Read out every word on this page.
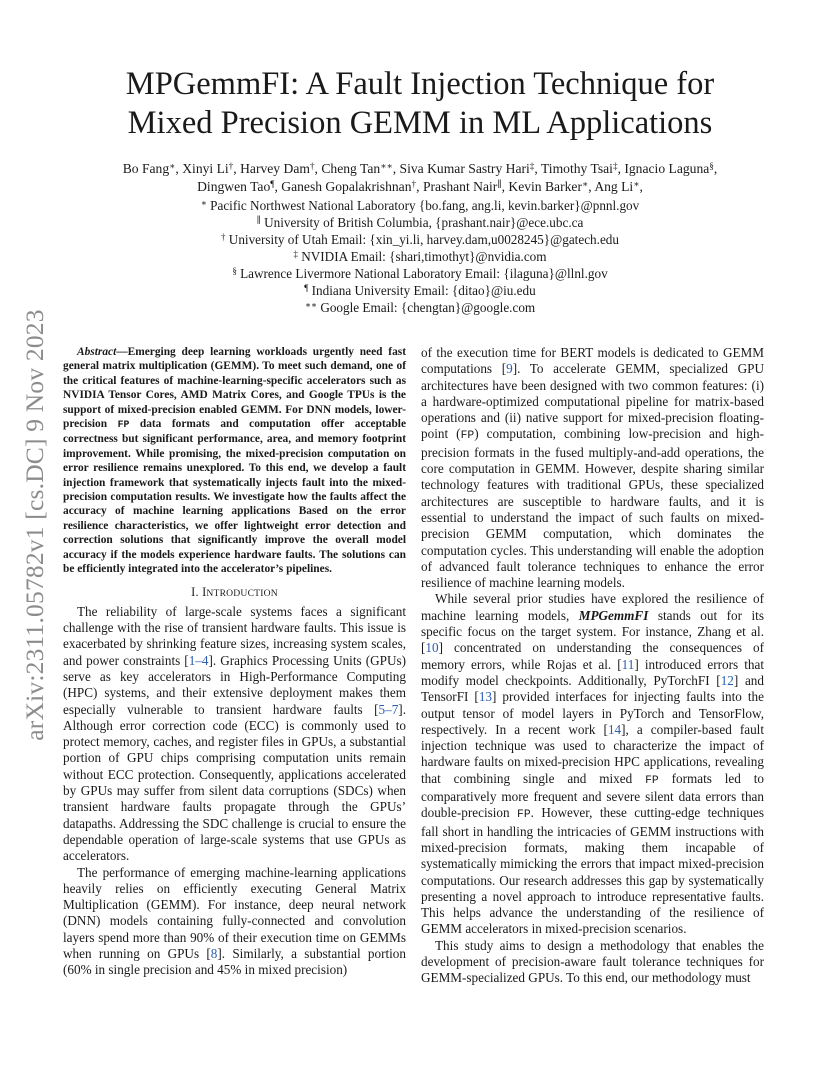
arXiv:2311.05782v1 [cs.DC] 9 Nov 2023
MPGemmFI: A Fault Injection Technique for
Mixed Precision GEMM in ML Applications
Bo Fang∗, Xinyi Li†, Harvey Dam†, Cheng Tan∗∗, Siva Kumar Sastry Hari‡, Timothy Tsai‡, Ignacio Laguna§,
Dingwen Tao¶, Ganesh Gopalakrishnan†, Prashant Nair∥, Kevin Barker∗, Ang Li∗,
∗ Pacific Northwest National Laboratory {bo.fang, ang.li, kevin.barker}@pnnl.gov
∥ University of British Columbia, {prashant.nair}@ece.ubc.ca
† University of Utah Email: {xin_yi.li, harvey.dam,u0028245}@gatech.edu
‡ NVIDIA Email: {shari,timothyt}@nvidia.com
§ Lawrence Livermore National Laboratory Email: {ilaguna}@llnl.gov
¶ Indiana University Email: {ditao}@iu.edu
∗∗ Google Email: {chengtan}@google.com

Abstract—Emerging deep learning workloads urgently need fast general matrix multiplication (GEMM). To meet such demand, one of the critical features of machine-learning-specific accelerators such as NVIDIA Tensor Cores, AMD Matrix Cores, and Google TPUs is the support of mixed-precision enabled GEMM. For DNN models, lower-precision FP data formats and computation offer acceptable correctness but significant performance, area, and memory footprint improvement. While promising, the mixed-precision computation on error resilience remains unexplored. To this end, we develop a fault injection framework that systematically injects fault into the mixed-precision computation results. We investigate how the faults affect the accuracy of machine learning applications Based on the error resilience characteristics, we offer lightweight error detection and correction solutions that significantly improve the overall model accuracy if the models experience hardware faults. The solutions can be efficiently integrated into the accelerator’s pipelines.

I. INTRODUCTION

The reliability of large-scale systems faces a significant challenge with the rise of transient hardware faults. This issue is exacerbated by shrinking feature sizes, increasing system scales, and power constraints [1–4]. Graphics Processing Units (GPUs) serve as key accelerators in High-Performance Computing (HPC) systems, and their extensive deployment makes them especially vulnerable to transient hardware faults [5–7]. Although error correction code (ECC) is commonly used to protect memory, caches, and register files in GPUs, a substantial portion of GPU chips comprising computation units remain without ECC protection. Consequently, applications accelerated by GPUs may suffer from silent data corruptions (SDCs) when transient hardware faults propagate through the GPUs’ datapaths. Addressing the SDC challenge is crucial to ensure the dependable operation of large-scale systems that use GPUs as accelerators.

The performance of emerging machine-learning applications heavily relies on efficiently executing General Matrix Multiplication (GEMM). For instance, deep neural network (DNN) models containing fully-connected and convolution layers spend more than 90% of their execution time on GEMMs when running on GPUs [8]. Similarly, a substantial portion (60% in single precision and 45% in mixed precision)

of the execution time for BERT models is dedicated to GEMM computations [9]. To accelerate GEMM, specialized GPU architectures have been designed with two common features: (i) a hardware-optimized computational pipeline for matrix-based operations and (ii) native support for mixed-precision floating-point (FP) computation, combining low-precision and high-precision formats in the fused multiply-and-add operations, the core computation in GEMM. However, despite sharing similar technology features with traditional GPUs, these specialized architectures are susceptible to hardware faults, and it is essential to understand the impact of such faults on mixed-precision GEMM computation, which dominates the computation cycles. This understanding will enable the adoption of advanced fault tolerance techniques to enhance the error resilience of machine learning models.

While several prior studies have explored the resilience of machine learning models, MPGemmFI stands out for its specific focus on the target system. For instance, Zhang et al. [10] concentrated on understanding the consequences of memory errors, while Rojas et al. [11] introduced errors that modify model checkpoints. Additionally, PyTorchFI [12] and TensorFI [13] provided interfaces for injecting faults into the output tensor of model layers in PyTorch and TensorFlow, respectively. In a recent work [14], a compiler-based fault injection technique was used to characterize the impact of hardware faults on mixed-precision HPC applications, revealing that combining single and mixed FP formats led to comparatively more frequent and severe silent data errors than double-precision FP. However, these cutting-edge techniques fall short in handling the intricacies of GEMM instructions with mixed-precision formats, making them incapable of systematically mimicking the errors that impact mixed-precision computations. Our research addresses this gap by systematically presenting a novel approach to introduce representative faults. This helps advance the understanding of the resilience of GEMM accelerators in mixed-precision scenarios.

This study aims to design a methodology that enables the development of precision-aware fault tolerance techniques for GEMM-specialized GPUs. To this end, our methodology must
